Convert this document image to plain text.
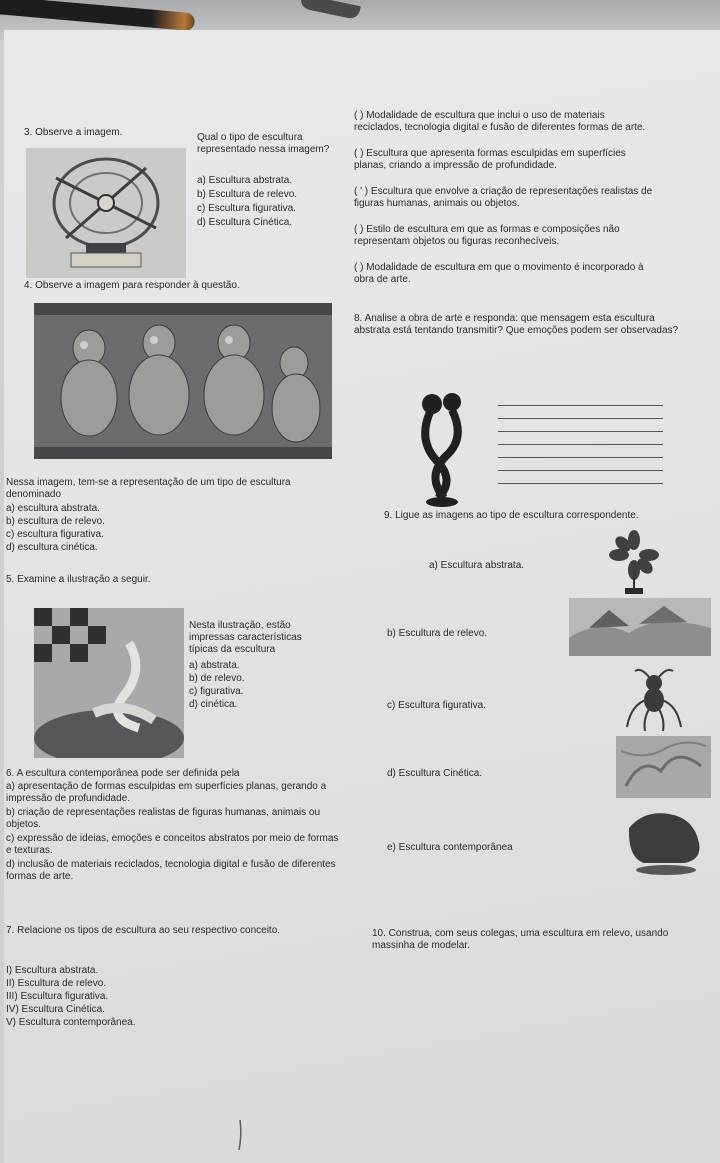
3. Observe a imagem.	Qual o tipo de escultura representado nessa imagem?
a) Escultura abstrata.
b) Escultura de relevo.
c) Escultura figurativa.
d) Escultura Cinética.
4. Observe a imagem para responder à questão.
Nessa imagem, tem-se a representação de um tipo de escultura denominado
a) escultura abstrata.
b) escultura de relevo.
c) escultura figurativa.
d) escultura cinética.
5. Examine a ilustração a seguir.
Nesta ilustração, estão impressas características típicas da escultura
a) abstrata.
b) de relevo.
c) figurativa.
d) cinética.
6. A escultura contemporânea pode ser definida pela
a) apresentação de formas esculpidas em superfícies planas, gerando a impressão de profundidade.
b) criação de representações realistas de figuras humanas, animais ou objetos.
c) expressão de ideias, emoções e conceitos abstratos por meio de formas e texturas.
d) inclusão de materiais reciclados, tecnologia digital e fusão de diferentes formas de arte.
7. Relacione os tipos de escultura ao seu respectivo conceito.
I) Escultura abstrata.
II) Escultura de relevo.
III) Escultura figurativa.
IV) Escultura Cinética.
V) Escultura contemporânea.
( ) Modalidade de escultura que inclui o uso de materiais reciclados, tecnologia digital e fusão de diferentes formas de arte.
( ) Escultura que apresenta formas esculpidas em superfícies planas, criando a impressão de profundidade.
( ' ) Escultura que envolve a criação de representações realistas de figuras humanas, animais ou objetos.
( ) Estilo de escultura em que as formas e composições não representam objetos ou figuras reconhecíveis.
( ) Modalidade de escultura em que o movimento é incorporado à obra de arte.
8. Analise a obra de arte e responda: que mensagem esta escultura abstrata está tentando transmitir? Que emoções podem ser observadas?
9. Ligue as imagens ao tipo de escultura correspondente.
a) Escultura abstrata.
b) Escultura de relevo.
c) Escultura figurativa.
d) Escultura Cinética.
e) Escultura contemporânea
10. Construa, com seus colegas, uma escultura em relevo, usando massinha de modelar.
